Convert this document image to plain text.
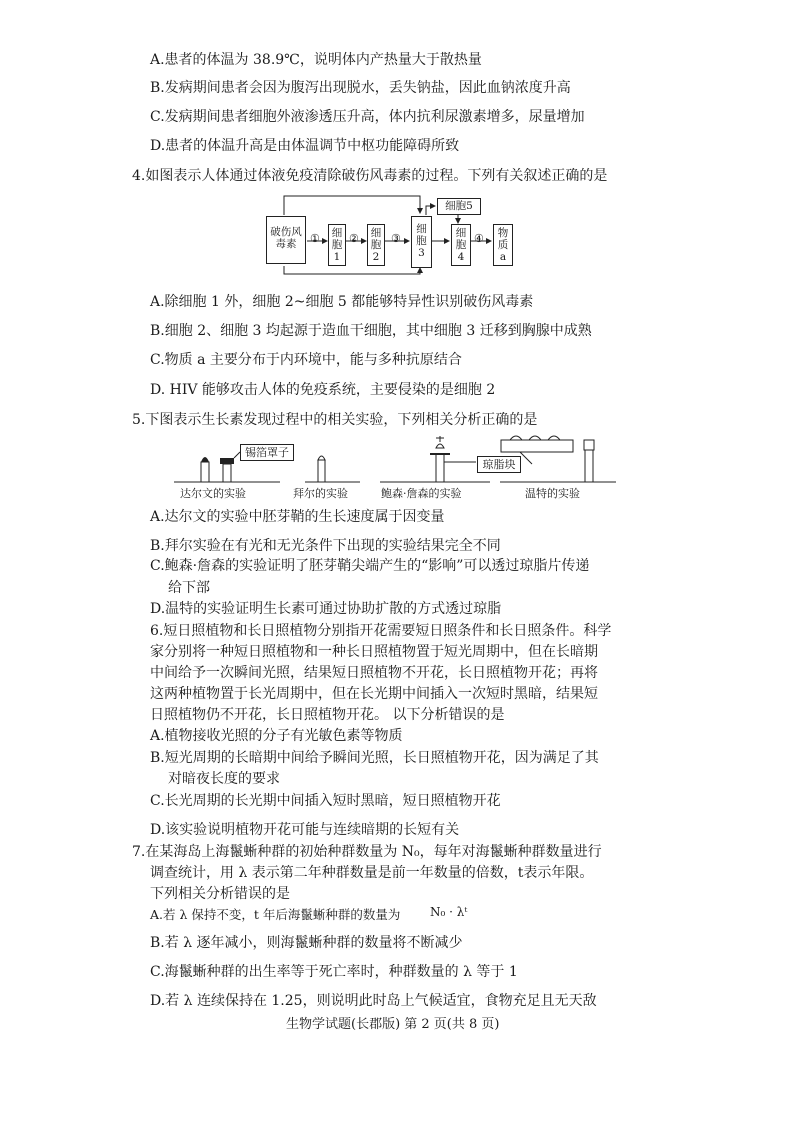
A.患者的体温为 38.9℃，说明体内产热量大于散热量
B.发病期间患者会因为腹泻出现脱水，丢失钠盐，因此血钠浓度升高
C.发病期间患者细胞外液渗透压升高，体内抗利尿激素增多，尿量增加
D.患者的体温升高是由体温调节中枢功能障碍所致
4.如图表示人体通过体液免疫清除破伤风毒素的过程。下列有关叙述正确的是
破伤风
毒素	① 细胞1
② 细胞2
③
细胞3
细胞5
细胞4
④ 物质a
A.除细胞 1 外，细胞 2~细胞 5 都能够特异性识别破伤风毒素
B.细胞 2、细胞 3 均起源于造血干细胞，其中细胞 3 迁移到胸腺中成熟
C.物质 a 主要分布于内环境中，能与多种抗原结合
D. HIV 能够攻击人体的免疫系统，主要侵染的是细胞 2
5.下图表示生长素发现过程中的相关实验，下列相关分析正确的是
锡箔罩子
琼脂块
达尔文的实验	拜尔的实验	鲍森·詹森的实验	温特的实验
A.达尔文的实验中胚芽鞘的生长速度属于因变量
B.拜尔实验在有光和无光条件下出现的实验结果完全不同
C.鲍森·詹森的实验证明了胚芽鞘尖端产生的“影响”可以透过琼脂片传递
给下部
D.温特的实验证明生长素可通过协助扩散的方式透过琼脂
6.短日照植物和长日照植物分别指开花需要短日照条件和长日照条件。科学
家分别将一种短日照植物和一种长日照植物置于短光周期中，但在长暗期
中间给予一次瞬间光照，结果短日照植物不开花，长日照植物开花；再将
这两种植物置于长光周期中，但在长光期中间插入一次短时黑暗，结果短
日照植物仍不开花，长日照植物开花。 以下分析错误的是
A.植物接收光照的分子有光敏色素等物质
B.短光周期的长暗期中间给予瞬间光照，长日照植物开花，因为满足了其
对暗夜长度的要求
C.长光周期的长光期中间插入短时黑暗，短日照植物开花
D.该实验说明植物开花可能与连续暗期的长短有关
7.在某海岛上海鬣蜥种群的初始种群数量为 N₀，每年对海鬣蜥种群数量进行
调查统计，用 λ 表示第二年种群数量是前一年数量的倍数，t表示年限。
下列相关分析错误的是
A.若 λ 保持不变，t 年后海鬣蜥种群的数量为 N₀ · λᵗ
B.若 λ 逐年减小，则海鬣蜥种群的数量将不断减少
C.海鬣蜥种群的出生率等于死亡率时，种群数量的 λ 等于 1
D.若 λ 连续保持在 1.25，则说明此时岛上气候适宜，食物充足且无天敌
生物学试题(长郡版) 第 2 页(共 8 页)
